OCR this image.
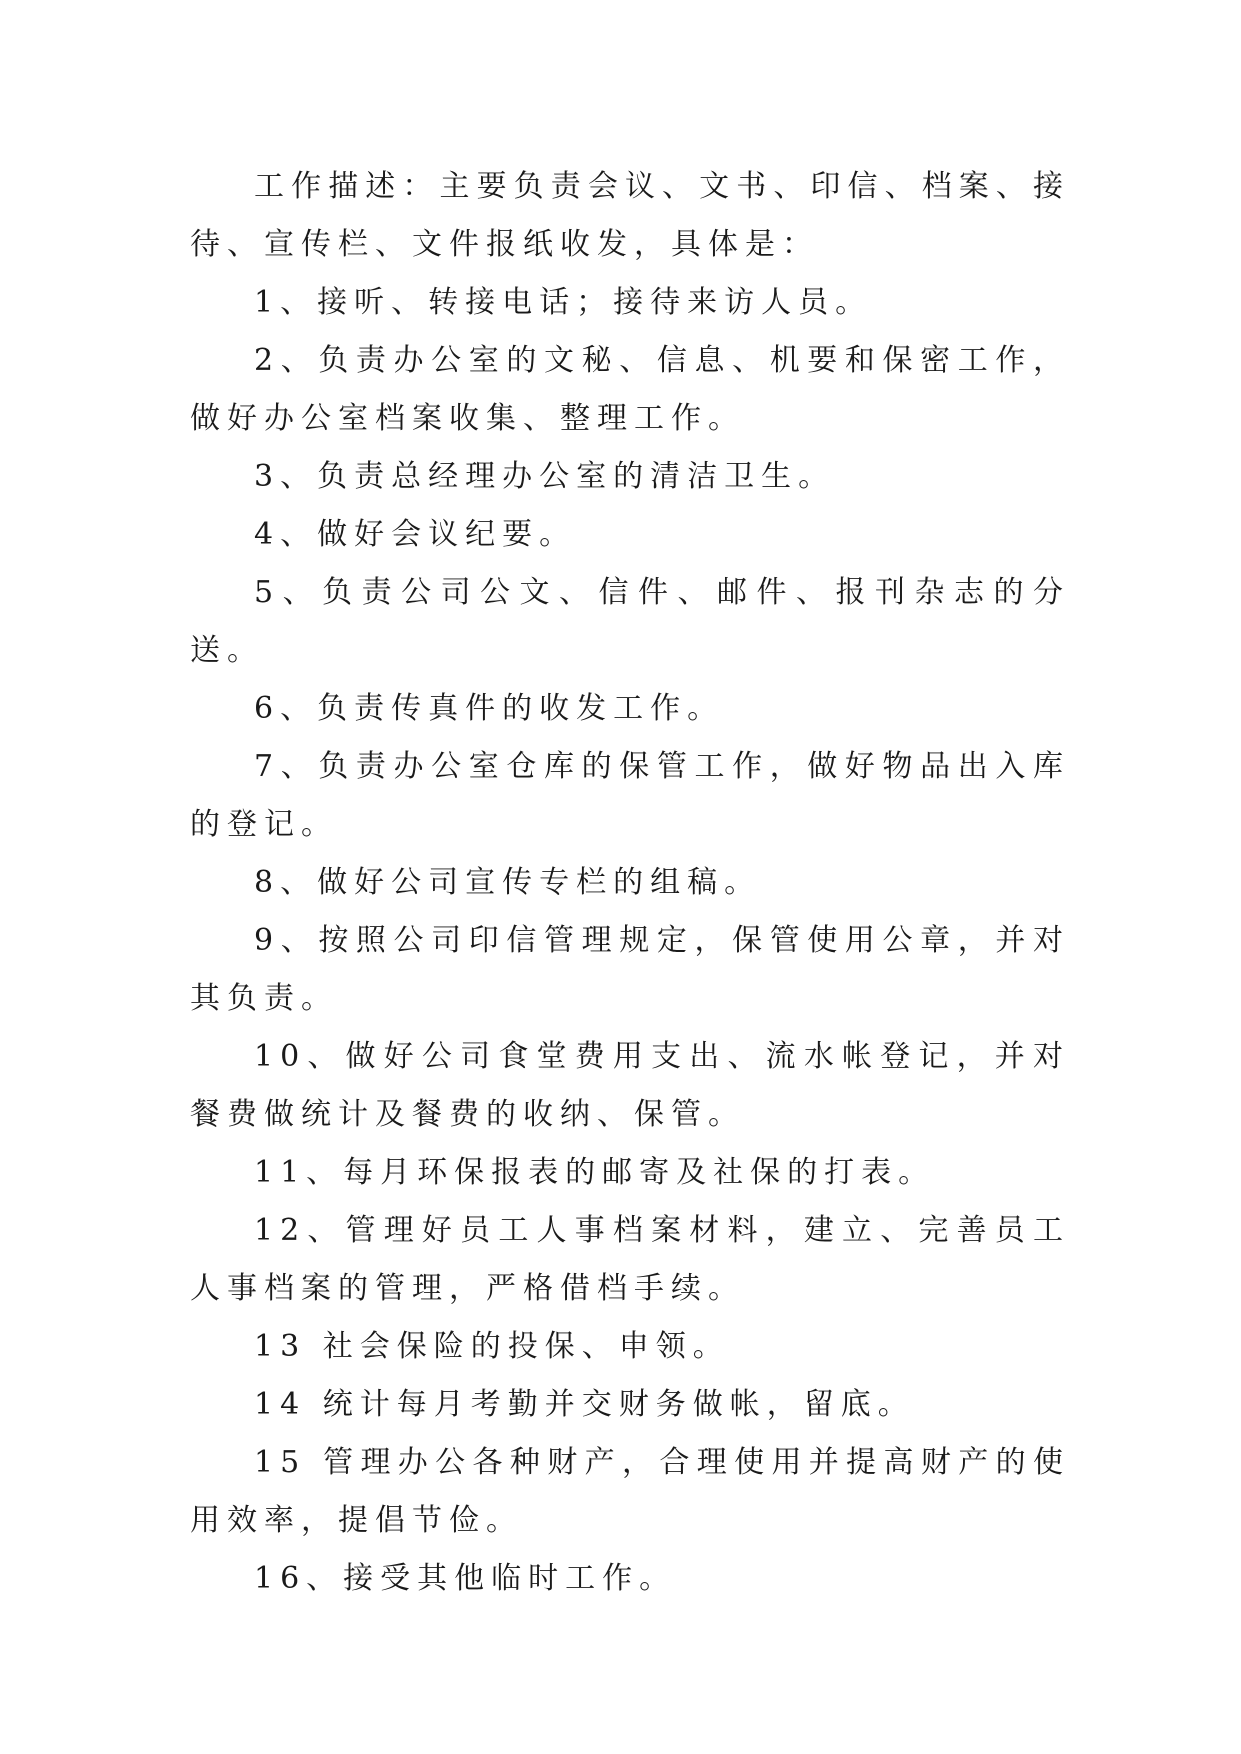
工作描述：主要负责会议、文书、印信、档案、接待、宣传栏、文件报纸收发，具体是：

1、接听、转接电话；接待来访人员。

2、负责办公室的文秘、信息、机要和保密工作，做好办公室档案收集、整理工作。

3、负责总经理办公室的清洁卫生。

4、做好会议纪要。

5、负责公司公文、信件、邮件、报刊杂志的分送。

6、负责传真件的收发工作。

7、负责办公室仓库的保管工作，做好物品出入库的登记。

8、做好公司宣传专栏的组稿。

9、按照公司印信管理规定，保管使用公章，并对其负责。

10、做好公司食堂费用支出、流水帐登记，并对餐费做统计及餐费的收纳、保管。

11、每月环保报表的邮寄及社保的打表。

12、管理好员工人事档案材料，建立、完善员工人事档案的管理，严格借档手续。

13 社会保险的投保、申领。

14 统计每月考勤并交财务做帐，留底。

15 管理办公各种财产，合理使用并提高财产的使用效率，提倡节俭。

16、接受其他临时工作。
